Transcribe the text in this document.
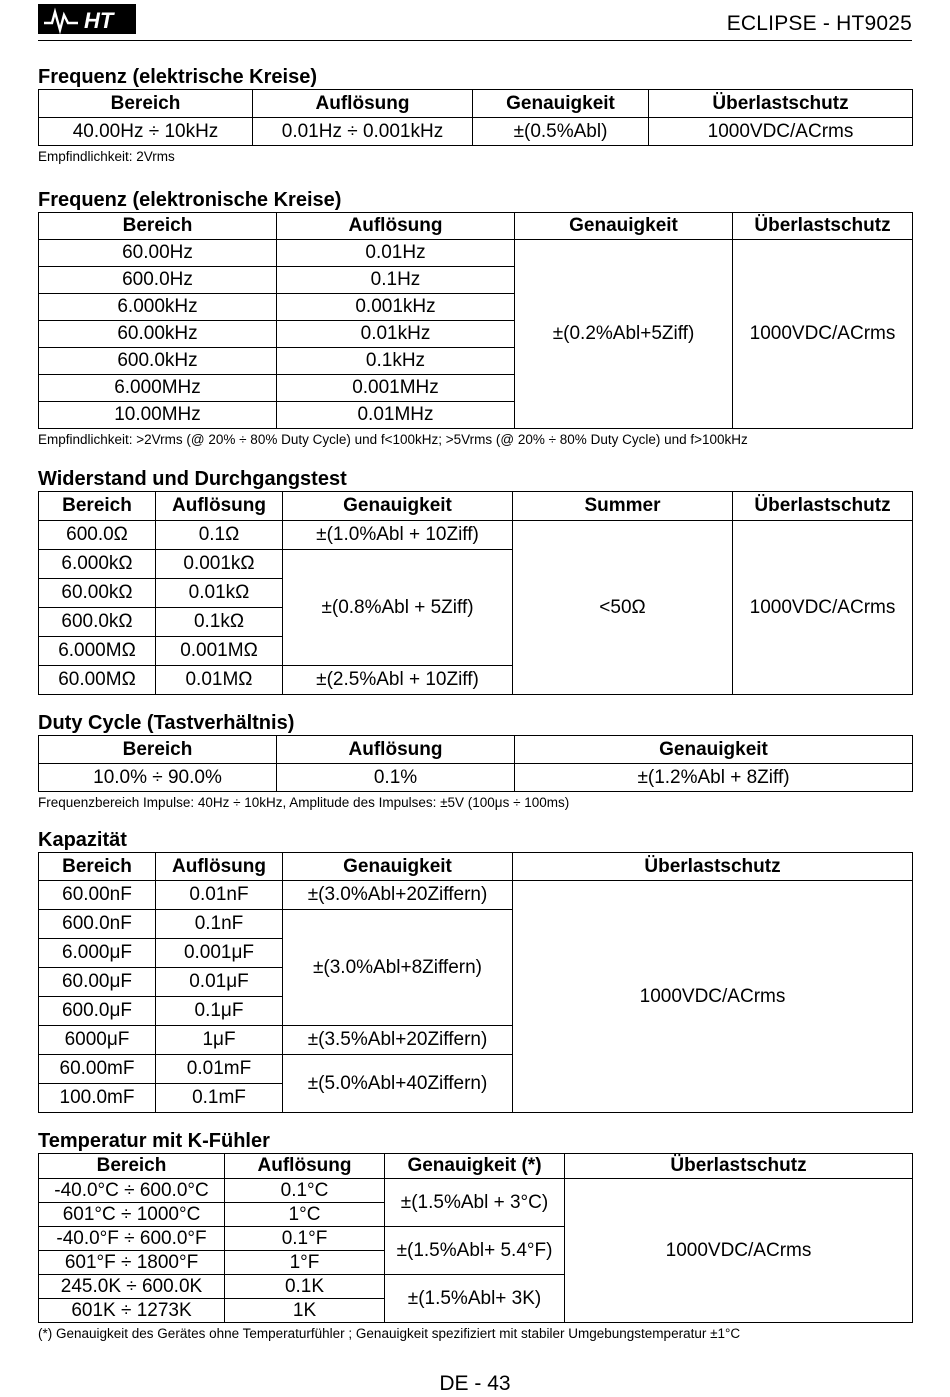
HT	ECLIPSE - HT9025
Frequenz (elektrische Kreise)
Bereich	Auflösung	Genauigkeit	Überlastschutz
40.00Hz ÷ 10kHz	0.01Hz ÷ 0.001kHz	±(0.5%Abl)	1000VDC/ACrms
Empfindlichkeit: 2Vrms
Frequenz (elektronische Kreise)
Bereich	Auflösung	Genauigkeit	Überlastschutz
60.00Hz	0.01Hz	±(0.2%Abl+5Ziff)	1000VDC/ACrms
600.0Hz	0.1Hz		
6.000kHz	0.001kHz		
60.00kHz	0.01kHz		
600.0kHz	0.1kHz		
6.000MHz	0.001MHz		
10.00MHz	0.01MHz		
Empfindlichkeit: >2Vrms (@ 20% ÷ 80% Duty Cycle) und f<100kHz; >5Vrms (@ 20% ÷ 80% Duty Cycle) und f>100kHz
Widerstand und Durchgangstest
Bereich	Auflösung	Genauigkeit	Summer	Überlastschutz
600.0Ω	0.1Ω	±(1.0%Abl + 10Ziff)	<50Ω	1000VDC/ACrms
6.000kΩ	0.001kΩ	±(0.8%Abl + 5Ziff)		
60.00kΩ	0.01kΩ			
600.0kΩ	0.1kΩ			
6.000MΩ	0.001MΩ			
60.00MΩ	0.01MΩ	±(2.5%Abl + 10Ziff)		
Duty Cycle (Tastverhältnis)
Bereich	Auflösung	Genauigkeit
10.0% ÷ 90.0%	0.1%	±(1.2%Abl + 8Ziff)
Frequenzbereich Impulse: 40Hz ÷ 10kHz, Amplitude des Impulses: ±5V (100μs ÷ 100ms)
Kapazität
Bereich	Auflösung	Genauigkeit	Überlastschutz
60.00nF	0.01nF	±(3.0%Abl+20Ziffern)	1000VDC/ACrms
600.0nF	0.1nF	±(3.0%Abl+8Ziffern)	
6.000μF	0.001μF		
60.00μF	0.01μF		
600.0μF	0.1μF		
6000μF	1μF	±(3.5%Abl+20Ziffern)	
60.00mF	0.01mF	±(5.0%Abl+40Ziffern)	
100.0mF	0.1mF		
Temperatur mit K-Fühler
Bereich	Auflösung	Genauigkeit (*)	Überlastschutz
-40.0°C ÷ 600.0°C	0.1°C	±(1.5%Abl + 3°C)	1000VDC/ACrms
601°C ÷ 1000°C	1°C		
-40.0°F ÷ 600.0°F	0.1°F	±(1.5%Abl+ 5.4°F)	
601°F ÷ 1800°F	1°F		
245.0K ÷ 600.0K	0.1K	±(1.5%Abl+ 3K)	
601K ÷ 1273K	1K		
(*) Genauigkeit des Gerätes ohne Temperaturfühler ; Genauigkeit spezifiziert mit stabiler Umgebungstemperatur ±1°C
DE - 43
